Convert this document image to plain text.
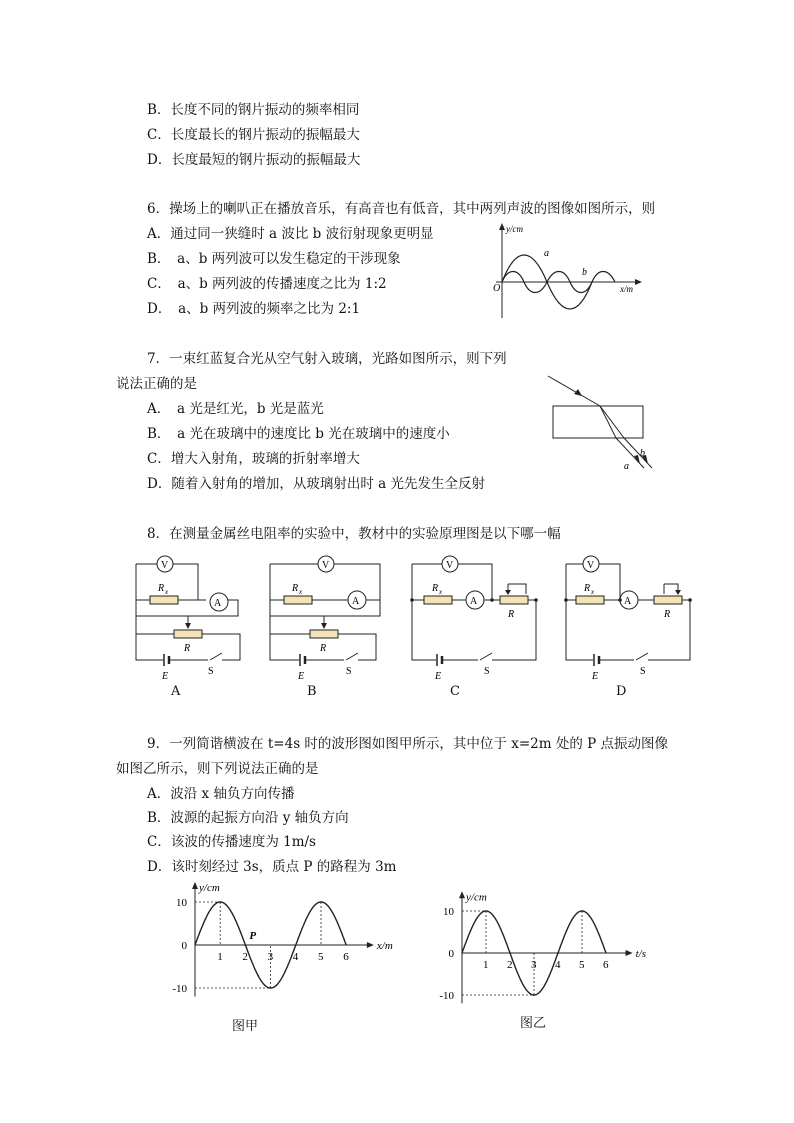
B．长度不同的钢片振动的频率相同
C．长度最长的钢片振动的振幅最大
D．长度最短的钢片振动的振幅最大
6．操场上的喇叭正在播放音乐，有高音也有低音，其中两列声波的图像如图所示，则
A．通过同一狭缝时 a 波比 b 波衍射现象更明显
B．　a、b 两列波可以发生稳定的干涉现象
C．　a、b 两列波的传播速度之比为 1:2
D．　a、b 两列波的频率之比为 2:1
y/cm
x/m
O
a
b
7．一束红蓝复合光从空气射入玻璃，光路如图所示，则下列
说法正确的是
A．　a 光是红光，b 光是蓝光
B．　a 光在玻璃中的速度比 b 光在玻璃中的速度小
C．增大入射角，玻璃的折射率增大
D．随着入射角的增加，从玻璃射出时 a 光先发生全反射
a
b
8．在测量金属丝电阻率的实验中，教材中的实验原理图是以下哪一幅
V
R x
A
R
E	S
V
R x
A
R
E	S
V
R x
A
R
E	S
V
R x
A
R
E	S
A	B	C	D
9．一列简谐横波在 t=4s 时的波形图如图甲所示，其中位于 x=2m 处的 P 点振动图像
如图乙所示，则下列说法正确的是
A．波沿 x 轴负方向传播
B．波源的起振方向沿 y 轴负方向
C．该波的传播速度为 1m/s
D．该时刻经过 3s，质点 P 的路程为 3m
1 2 3 4 5 6
10
0
-10
y/cm
x/m
P
1 2 3 4 5 6
10
0
-10
y/cm
t/s
图甲	图乙
